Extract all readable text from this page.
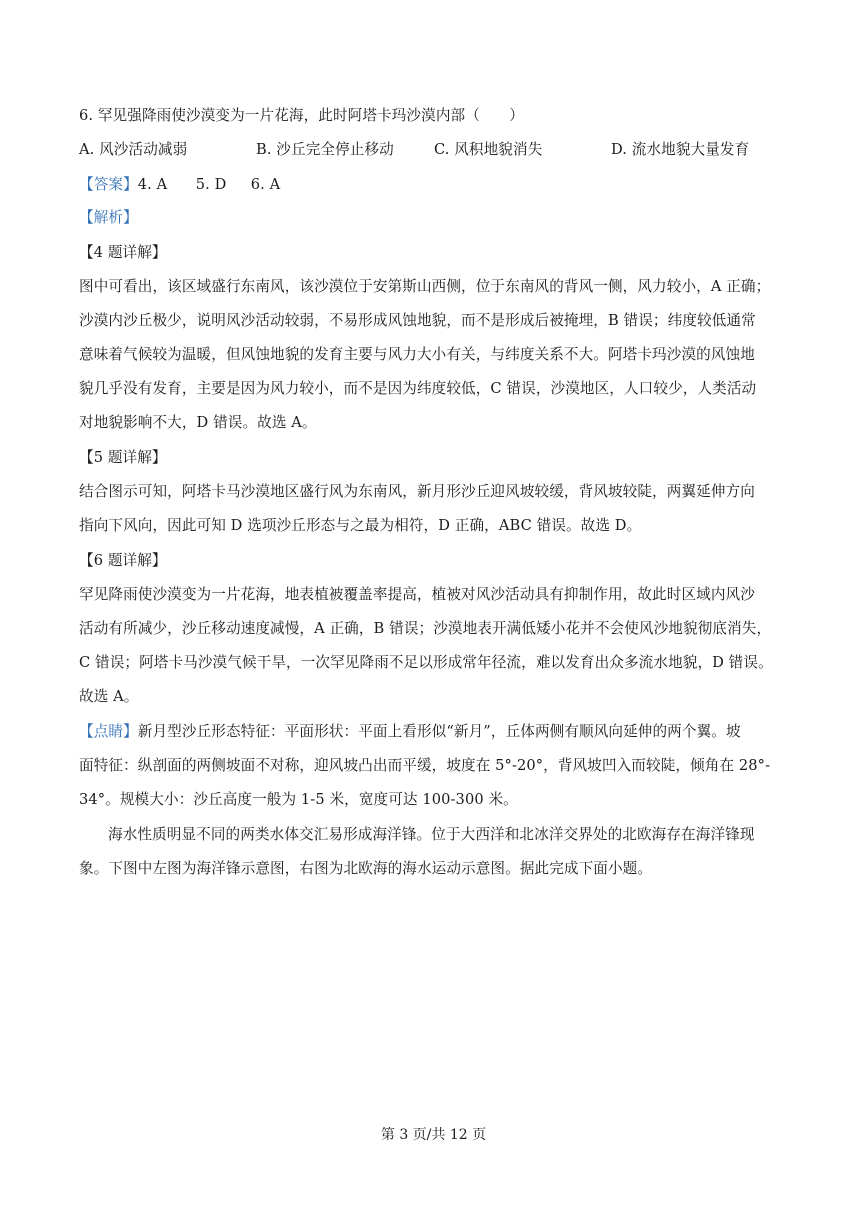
6. 罕见强降雨使沙漠变为一片花海，此时阿塔卡玛沙漠内部（　　）
A. 风沙活动减弱	B. 沙丘完全停止移动	C. 风积地貌消失	D. 流水地貌大量发育
【答案】4. A 5. D 6. A
【解析】
【4 题详解】
图中可看出，该区域盛行东南风，该沙漠位于安第斯山西侧，位于东南风的背风一侧，风力较小，A 正确；
沙漠内沙丘极少，说明风沙活动较弱，不易形成风蚀地貌，而不是形成后被掩埋，B 错误；纬度较低通常
意味着气候较为温暖，但风蚀地貌的发育主要与风力大小有关，与纬度关系不大。阿塔卡玛沙漠的风蚀地
貌几乎没有发育，主要是因为风力较小，而不是因为纬度较低，C 错误，沙漠地区，人口较少，人类活动
对地貌影响不大，D 错误。故选 A。
【5 题详解】
结合图示可知，阿塔卡马沙漠地区盛行风为东南风，新月形沙丘迎风坡较缓，背风坡较陡，两翼延伸方向
指向下风向，因此可知 D 选项沙丘形态与之最为相符，D 正确，ABC 错误。故选 D。
【6 题详解】
罕见降雨使沙漠变为一片花海，地表植被覆盖率提高，植被对风沙活动具有抑制作用，故此时区域内风沙
活动有所减少，沙丘移动速度减慢，A 正确，B 错误；沙漠地表开满低矮小花并不会使风沙地貌彻底消失，
C 错误；阿塔卡马沙漠气候干旱，一次罕见降雨不足以形成常年径流，难以发育出众多流水地貌，D 错误。
故选 A。
【点睛】新月型沙丘形态特征：平面形状：平面上看形似“新月”，丘体两侧有顺风向延伸的两个翼。坡
面特征：纵剖面的两侧坡面不对称，迎风坡凸出而平缓，坡度在 5°-20°，背风坡凹入而较陡，倾角在 28°-
34°。规模大小：沙丘高度一般为 1-5 米，宽度可达 100-300 米。
海水性质明显不同的两类水体交汇易形成海洋锋。位于大西洋和北冰洋交界处的北欧海存在海洋锋现
象。下图中左图为海洋锋示意图，右图为北欧海的海水运动示意图。据此完成下面小题。
第 3 页/共 12 页
